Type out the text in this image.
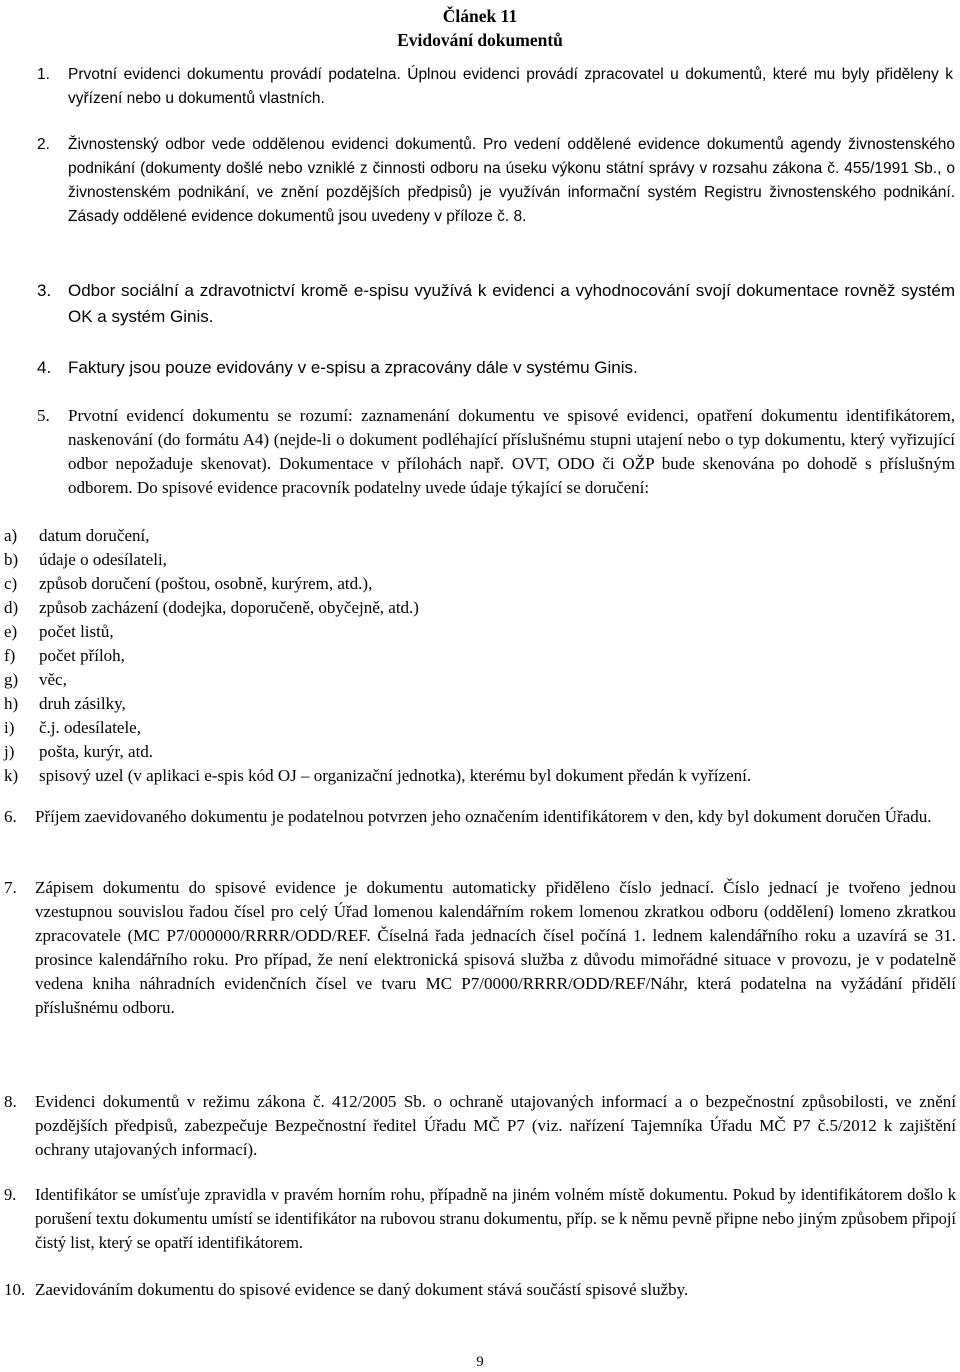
Článek 11
Evidování dokumentů
1. Prvotní evidenci dokumentu provádí podatelna. Úplnou evidenci provádí zpracovatel u dokumentů, které mu byly přiděleny k vyřízení nebo u dokumentů vlastních.
2. Živnostenský odbor vede oddělenou evidenci dokumentů. Pro vedení oddělené evidence dokumentů agendy živnostenského podnikání (dokumenty došlé nebo vzniklé z činnosti odboru na úseku výkonu státní správy v rozsahu zákona č. 455/1991 Sb., o živnostenském podnikání, ve znění pozdějších předpisů) je využíván informační systém Registru živnostenského podnikání. Zásady oddělené evidence dokumentů jsou uvedeny v příloze č. 8.
3. Odbor sociální a zdravotnictví kromě e-spisu využívá k evidenci a vyhodnocování svojí dokumentace rovněž systém OK a systém Ginis.
4. Faktury jsou pouze evidovány v e-spisu a zpracovány dále v systému Ginis.
5. Prvotní evidencí dokumentu se rozumí: zaznamenání dokumentu ve spisové evidenci, opatření dokumentu identifikátorem, naskenování (do formátu A4) (nejde-li o dokument podléhající příslušnému stupni utajení nebo o typ dokumentu, který vyřizující odbor nepožaduje skenovat). Dokumentace v přílohách např. OVT, ODO či OŽP bude skenována po dohodě s příslušným odborem. Do spisové evidence pracovník podatelny uvede údaje týkající se doručení:
a) datum doručení,
b) údaje o odesílateli,
c) způsob doručení (poštou, osobně, kurýrem, atd.),
d) způsob zacházení (dodejka, doporučeně, obyčejně, atd.)
e) počet listů,
f) počet příloh,
g) věc,
h) druh zásilky,
i) č.j. odesílatele,
j) pošta, kurýr, atd.
k) spisový uzel (v aplikaci e-spis kód OJ – organizační jednotka), kterému byl dokument předán k vyřízení.
6. Příjem zaevidovaného dokumentu je podatelnou potvrzen jeho označením identifikátorem v den, kdy byl dokument doručen Úřadu.
7. Zápisem dokumentu do spisové evidence je dokumentu automaticky přiděleno číslo jednací. Číslo jednací je tvořeno jednou vzestupnou souvislou řadou čísel pro celý Úřad lomenou kalendářním rokem lomenou zkratkou odboru (oddělení) lomeno zkratkou zpracovatele (MC P7/000000/RRRR/ODD/REF. Číselná řada jednacích čísel počíná 1. lednem kalendářního roku a uzavírá se 31. prosince kalendářního roku. Pro případ, že není elektronická spisová služba z důvodu mimořádné situace v provozu, je v podatelně vedena kniha náhradních evidenčních čísel ve tvaru MC P7/0000/RRRR/ODD/REF/Náhr, která podatelna na vyžádání přidělí příslušnému odboru.
8. Evidenci dokumentů v režimu zákona č. 412/2005 Sb. o ochraně utajovaných informací a o bezpečnostní způsobilosti, ve znění pozdějších předpisů, zabezpečuje Bezpečnostní ředitel Úřadu MČ P7 (viz. nařízení Tajemníka Úřadu MČ P7 č.5/2012 k zajištění ochrany utajovaných informací).
9. Identifikátor se umísťuje zpravidla v pravém horním rohu, případně na jiném volném místě dokumentu. Pokud by identifikátorem došlo k porušení textu dokumentu umístí se identifikátor na rubovou stranu dokumentu, příp. se k němu pevně připne nebo jiným způsobem připojí čistý list, který se opatří identifikátorem.
10. Zaevidováním dokumentu do spisové evidence se daný dokument stává součástí spisové služby.
9
